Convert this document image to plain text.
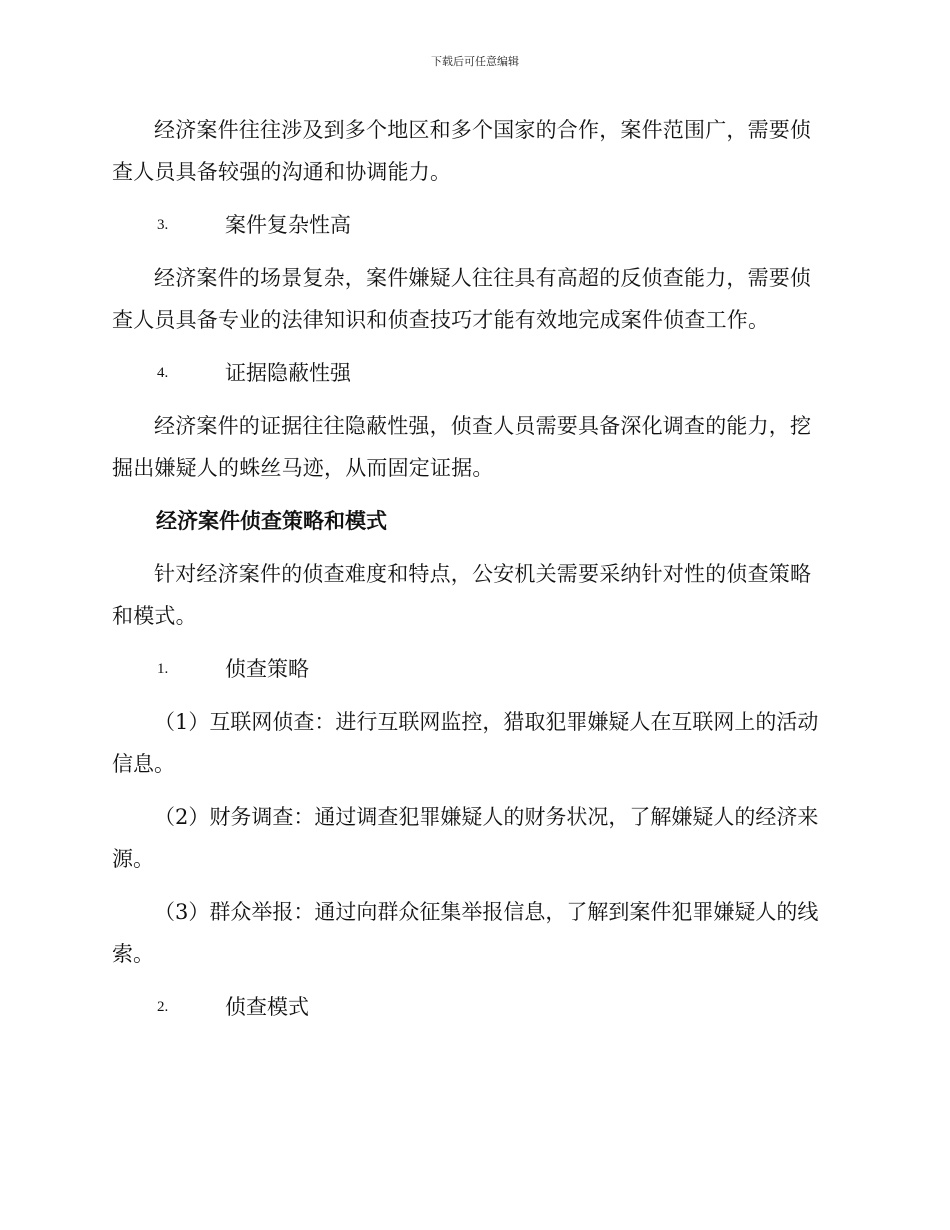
下载后可任意编辑

经济案件往往涉及到多个地区和多个国家的合作，案件范围广，需要侦查人员具备较强的沟通和协调能力。

3.	案件复杂性高

经济案件的场景复杂，案件嫌疑人往往具有高超的反侦查能力，需要侦查人员具备专业的法律知识和侦查技巧才能有效地完成案件侦查工作。

4.	证据隐蔽性强

经济案件的证据往往隐蔽性强，侦查人员需要具备深化调查的能力，挖掘出嫌疑人的蛛丝马迹，从而固定证据。

经济案件侦查策略和模式

针对经济案件的侦查难度和特点，公安机关需要采纳针对性的侦查策略和模式。

1.	侦查策略

（1）互联网侦查：进行互联网监控，猎取犯罪嫌疑人在互联网上的活动信息。

（2）财务调查：通过调查犯罪嫌疑人的财务状况，了解嫌疑人的经济来源。

（3）群众举报：通过向群众征集举报信息，了解到案件犯罪嫌疑人的线索。

2.	侦查模式
